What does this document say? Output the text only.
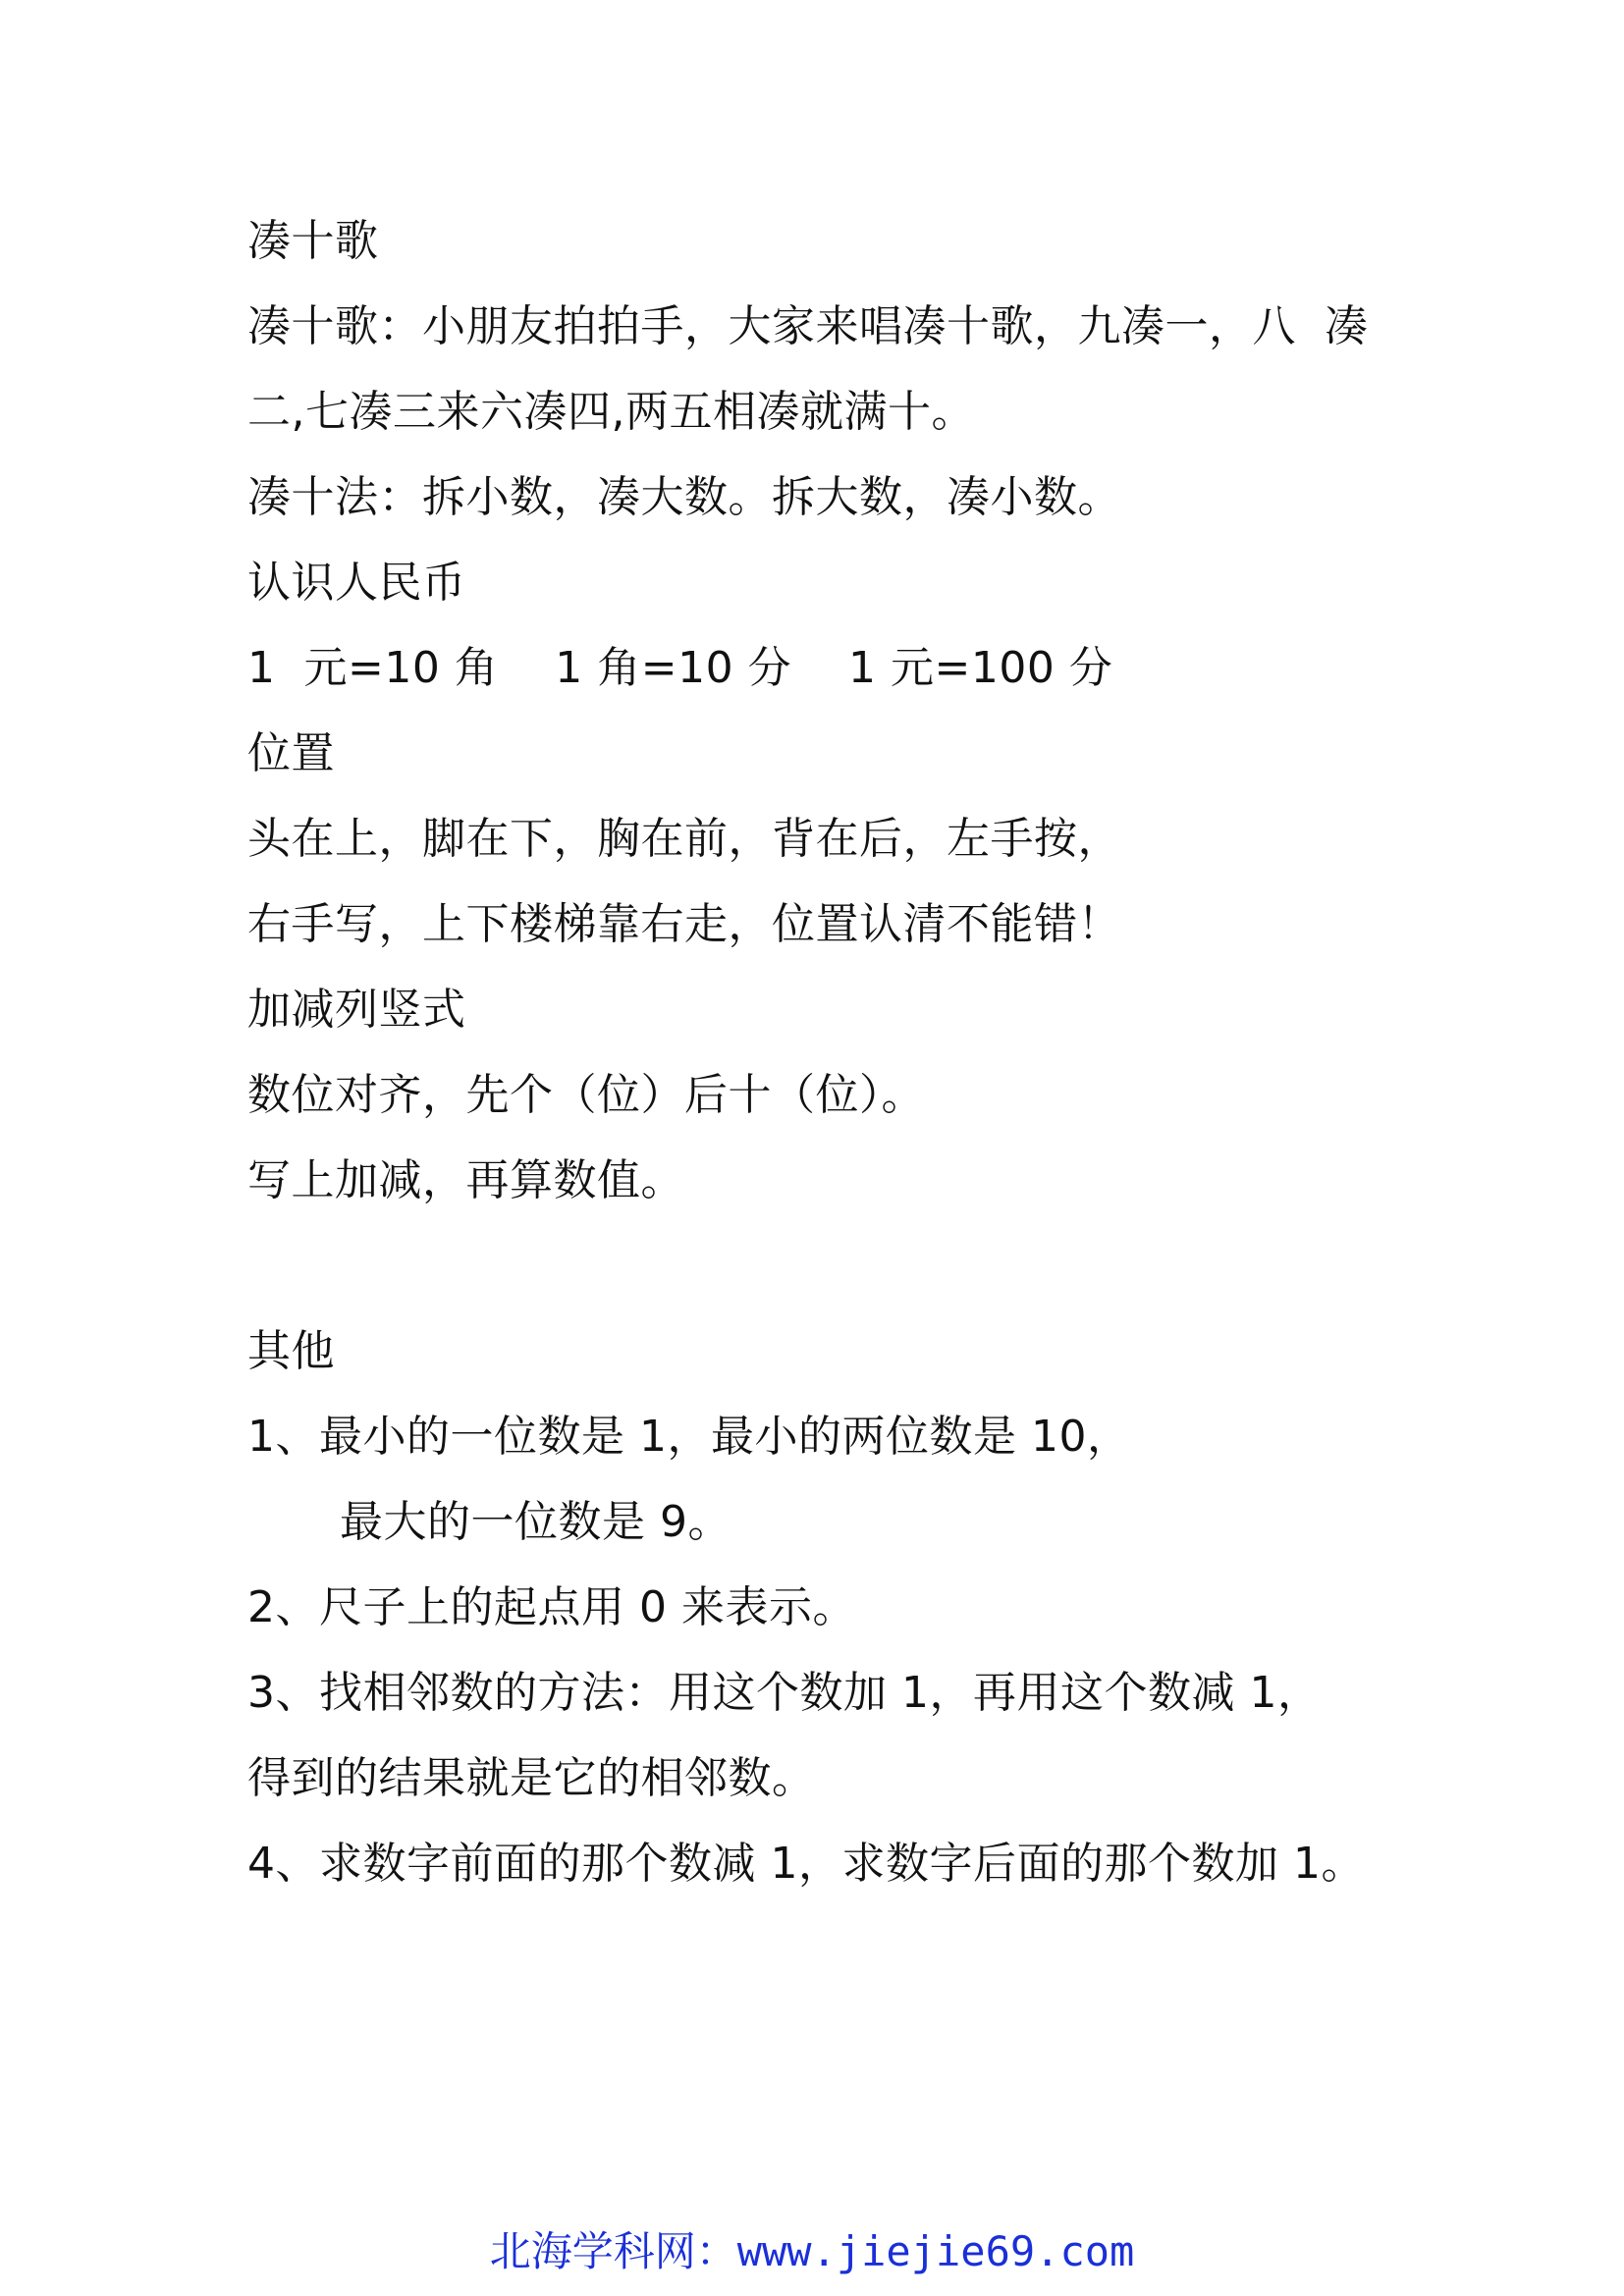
凑十歌
凑十歌：小朋友拍拍手，大家来唱凑十歌，九凑一，八  凑
二,七凑三来六凑四,两五相凑就满十。
凑十法：拆小数，凑大数。拆大数，凑小数。
认识人民币
1  元=10 角    1 角=10 分    1 元=100 分
位置
头在上，脚在下，胸在前，背在后，左手按，
右手写，上下楼梯靠右走，位置认清不能错！
加减列竖式
数位对齐，先个（位）后十（位）。
写上加减，再算数值。
其他
1、最小的一位数是 1，最小的两位数是 10，
最大的一位数是 9。
2、尺子上的起点用 0 来表示。
3、找相邻数的方法：用这个数加 1，再用这个数减 1，
得到的结果就是它的相邻数。
4、求数字前面的那个数减 1，求数字后面的那个数加 1。
北海学科网：www.jiejie69.com
